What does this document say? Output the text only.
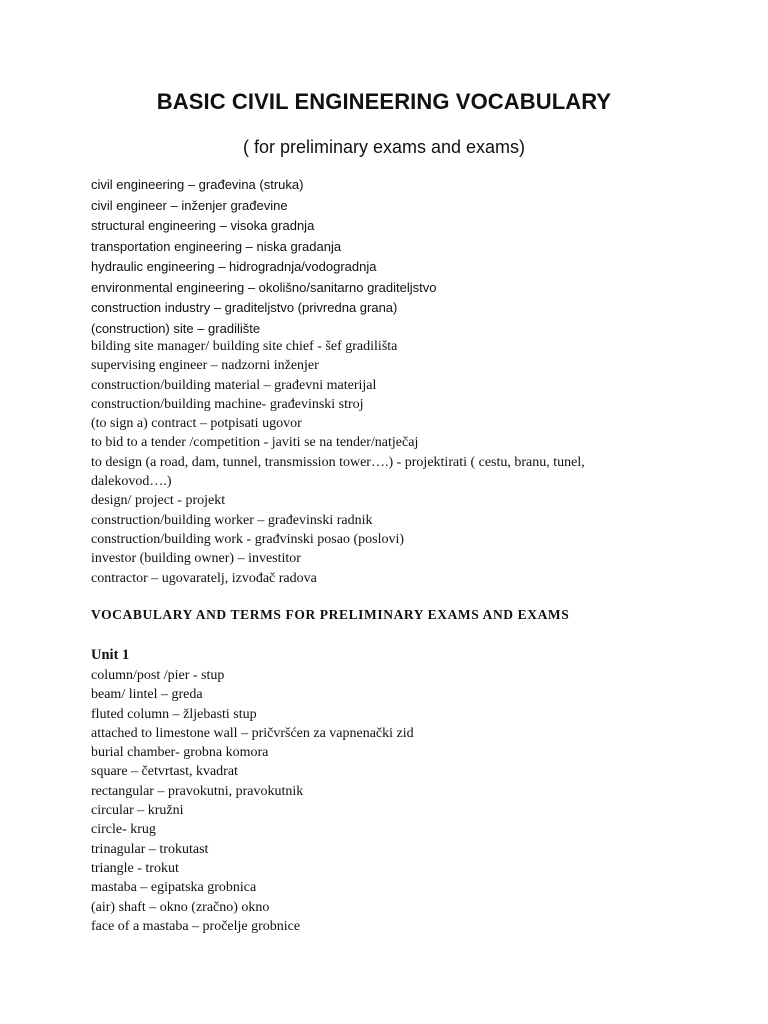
BASIC CIVIL ENGINEERING VOCABULARY

( for preliminary exams and exams)

civil engineering – građevina (struka)
civil engineer – inženjer građevine
structural engineering – visoka gradnja
transportation engineering – niska gradanja
hydraulic engineering – hidrogradnja/vodogradnja
environmental engineering – okolišno/sanitarno graditeljstvo
construction industry – graditeljstvo (privredna grana)
(construction) site – gradilište
bilding site manager/ building site chief - šef gradilišta
supervising engineer – nadzorni inženjer
construction/building material – građevni materijal
construction/building machine- građevinski stroj
(to sign a) contract – potpisati ugovor
to bid to a tender /competition - javiti se na tender/natječaj
to design (a road, dam, tunnel, transmission tower….) - projektirati ( cestu, branu, tunel, dalekovod….)
design/ project - projekt
construction/building worker – građevinski radnik
construction/building work - građvinski posao (poslovi)
investor (building owner) – investitor
contractor – ugovaratelj, izvođač radova
VOCABULARY AND TERMS FOR PRELIMINARY EXAMS AND EXAMS
Unit 1
column/post /pier - stup
beam/ lintel – greda
fluted column – žljebasti stup
attached to limestone wall – pričvršćen za vapnenački zid
burial chamber- grobna komora
square – četvrtast, kvadrat
rectangular – pravokutni, pravokutnik
circular – kružni
circle- krug
trinagular – trokutast
triangle - trokut
mastaba – egipatska grobnica
(air) shaft – okno (zračno) okno
face of a mastaba – pročelje grobnice
